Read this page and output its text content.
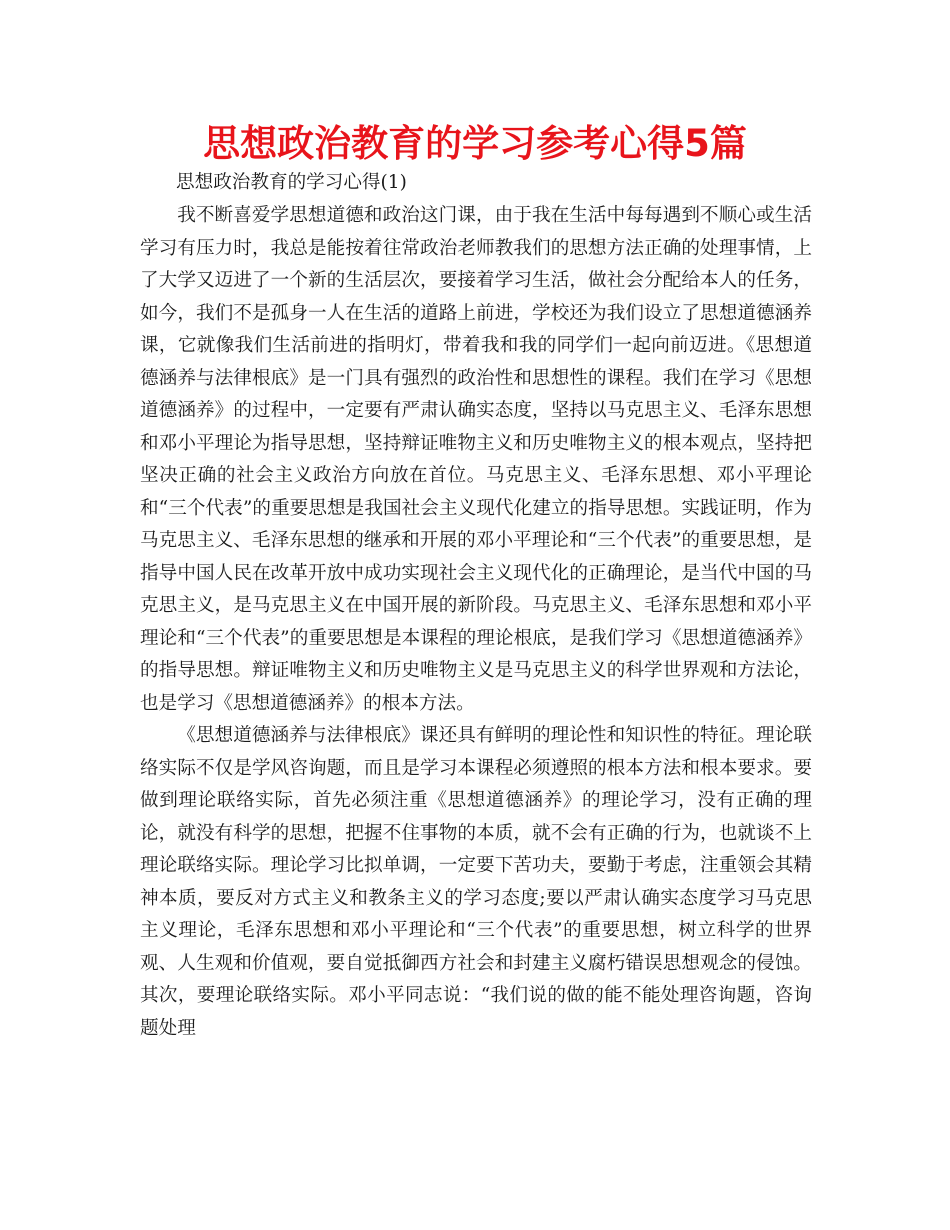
思想政治教育的学习参考心得5篇

思想政治教育的学习心得(1)

我不断喜爱学思想道德和政治这门课，由于我在生活中每每遇到不顺心或生活学习有压力时，我总是能按着往常政治老师教我们的思想方法正确的处理事情，上了大学又迈进了一个新的生活层次，要接着学习生活，做社会分配给本人的任务，如今，我们不是孤身一人在生活的道路上前进，学校还为我们设立了思想道德涵养课，它就像我们生活前进的指明灯，带着我和我的同学们一起向前迈进。《思想道德涵养与法律根底》是一门具有强烈的政治性和思想性的课程。我们在学习《思想道德涵养》的过程中，一定要有严肃认确实态度，坚持以马克思主义、毛泽东思想和邓小平理论为指导思想，坚持辩证唯物主义和历史唯物主义的根本观点，坚持把坚决正确的社会主义政治方向放在首位。马克思主义、毛泽东思想、邓小平理论和“三个代表”的重要思想是我国社会主义现代化建立的指导思想。实践证明，作为马克思主义、毛泽东思想的继承和开展的邓小平理论和“三个代表”的重要思想，是指导中国人民在改革开放中成功实现社会主义现代化的正确理论，是当代中国的马克思主义，是马克思主义在中国开展的新阶段。马克思主义、毛泽东思想和邓小平理论和“三个代表”的重要思想是本课程的理论根底，是我们学习《思想道德涵养》的指导思想。辩证唯物主义和历史唯物主义是马克思主义的科学世界观和方法论，也是学习《思想道德涵养》的根本方法。

《思想道德涵养与法律根底》课还具有鲜明的理论性和知识性的特征。理论联络实际不仅是学风咨询题，而且是学习本课程必须遵照的根本方法和根本要求。要做到理论联络实际，首先必须注重《思想道德涵养》的理论学习，没有正确的理论，就没有科学的思想，把握不住事物的本质，就不会有正确的行为，也就谈不上理论联络实际。理论学习比拟单调，一定要下苦功夫，要勤于考虑，注重领会其精神本质，要反对方式主义和教条主义的学习态度;要以严肃认确实态度学习马克思主义理论，毛泽东思想和邓小平理论和“三个代表”的重要思想，树立科学的世界观、人生观和价值观，要自觉抵御西方社会和封建主义腐朽错误思想观念的侵蚀。其次，要理论联络实际。邓小平同志说：“我们说的做的能不能处理咨询题，咨询题处理
